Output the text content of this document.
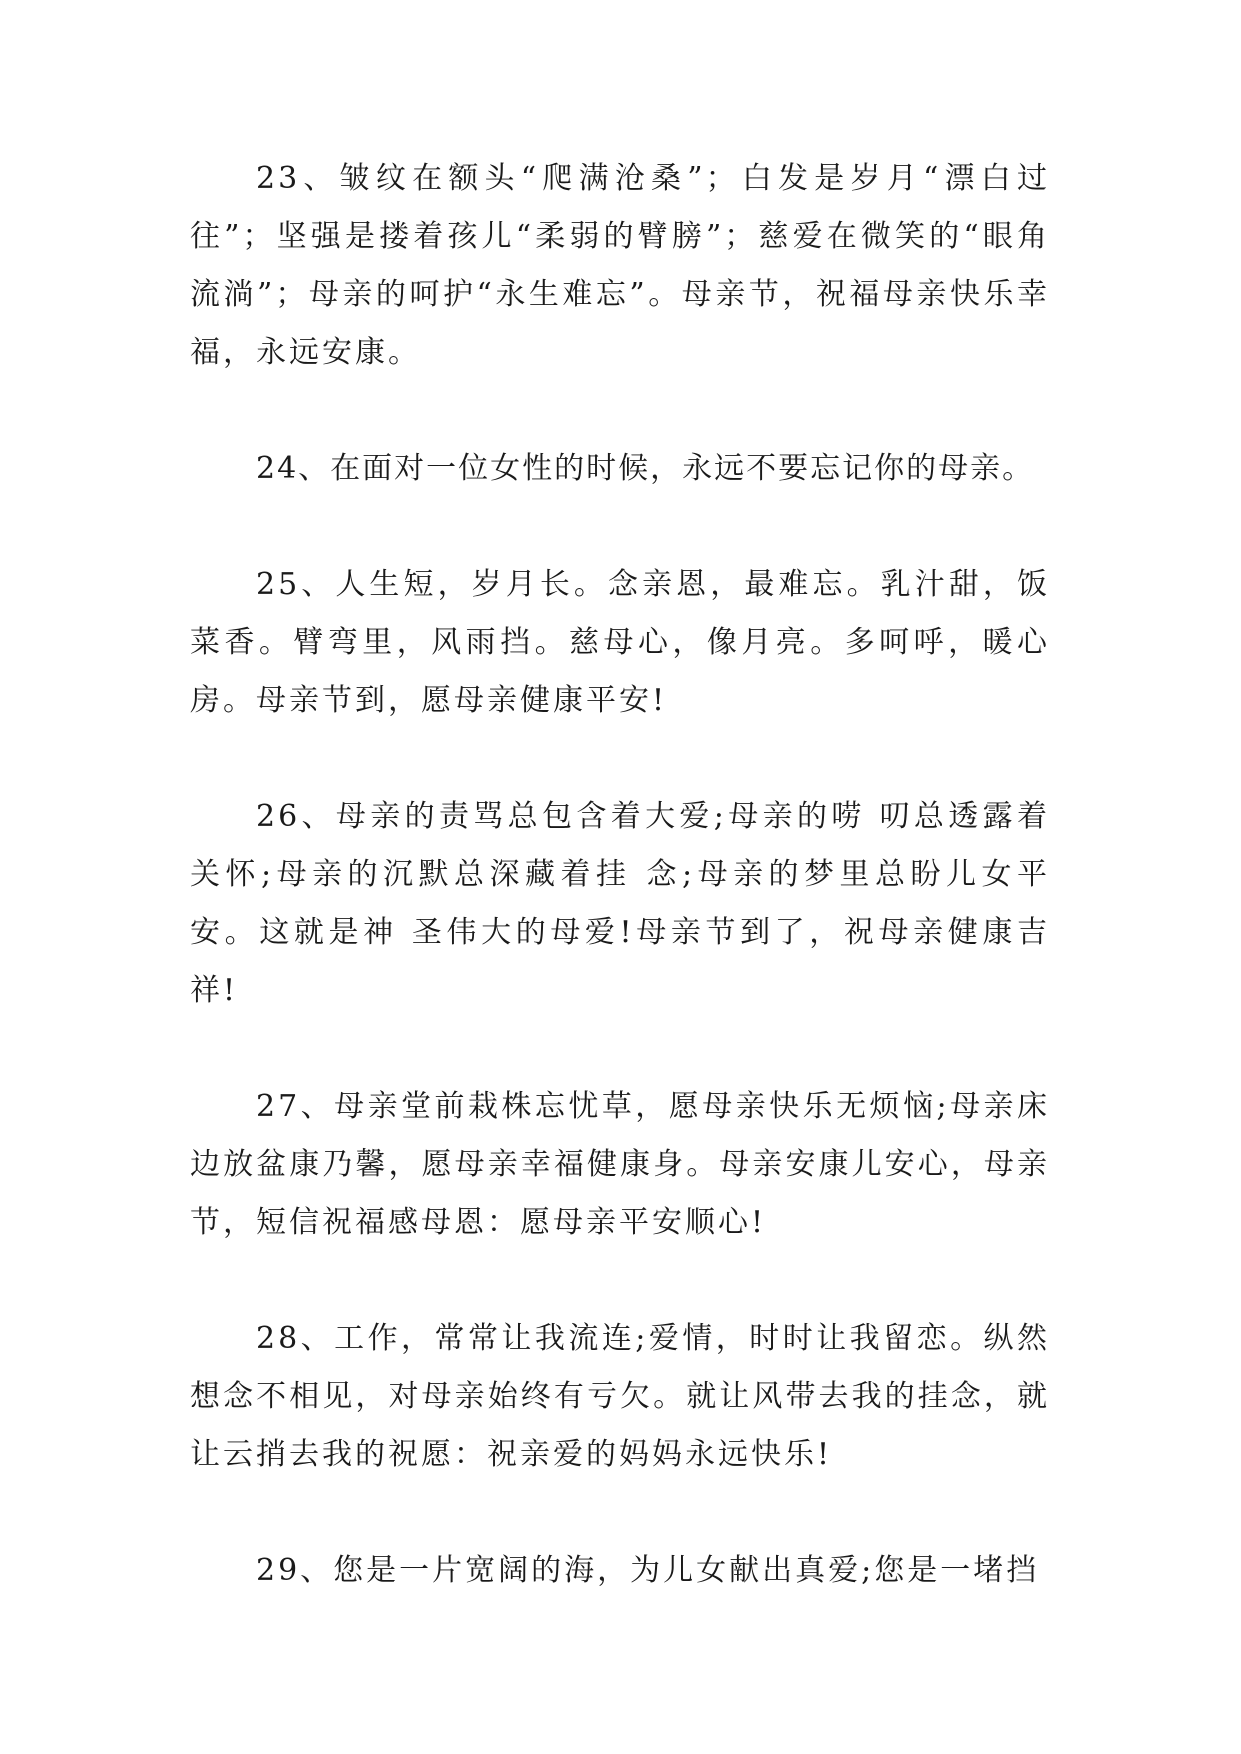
23、皱纹在额头“爬满沧桑”；白发是岁月“漂白过往”；坚强是搂着孩儿“柔弱的臂膀”；慈爱在微笑的“眼角流淌”；母亲的呵护“永生难忘”。母亲节，祝福母亲快乐幸福，永远安康。

24、在面对一位女性的时候，永远不要忘记你的母亲。

25、人生短，岁月长。念亲恩，最难忘。乳汁甜，饭菜香。臂弯里，风雨挡。慈母心，像月亮。多呵呼，暖心房。母亲节到，愿母亲健康平安!

26、母亲的责骂总包含着大爱;母亲的唠 叨总透露着关怀;母亲的沉默总深藏着挂 念;母亲的梦里总盼儿女平安。这就是神 圣伟大的母爱!母亲节到了，祝母亲健康吉祥!

27、母亲堂前栽株忘忧草，愿母亲快乐无烦恼;母亲床边放盆康乃馨，愿母亲幸福健康身。母亲安康儿安心，母亲节，短信祝福感母恩：愿母亲平安顺心!

28、工作，常常让我流连;爱情，时时让我留恋。纵然想念不相见，对母亲始终有亏欠。就让风带去我的挂念，就让云捎去我的祝愿：祝亲爱的妈妈永远快乐!

29、您是一片宽阔的海，为儿女献出真爱;您是一堵挡
